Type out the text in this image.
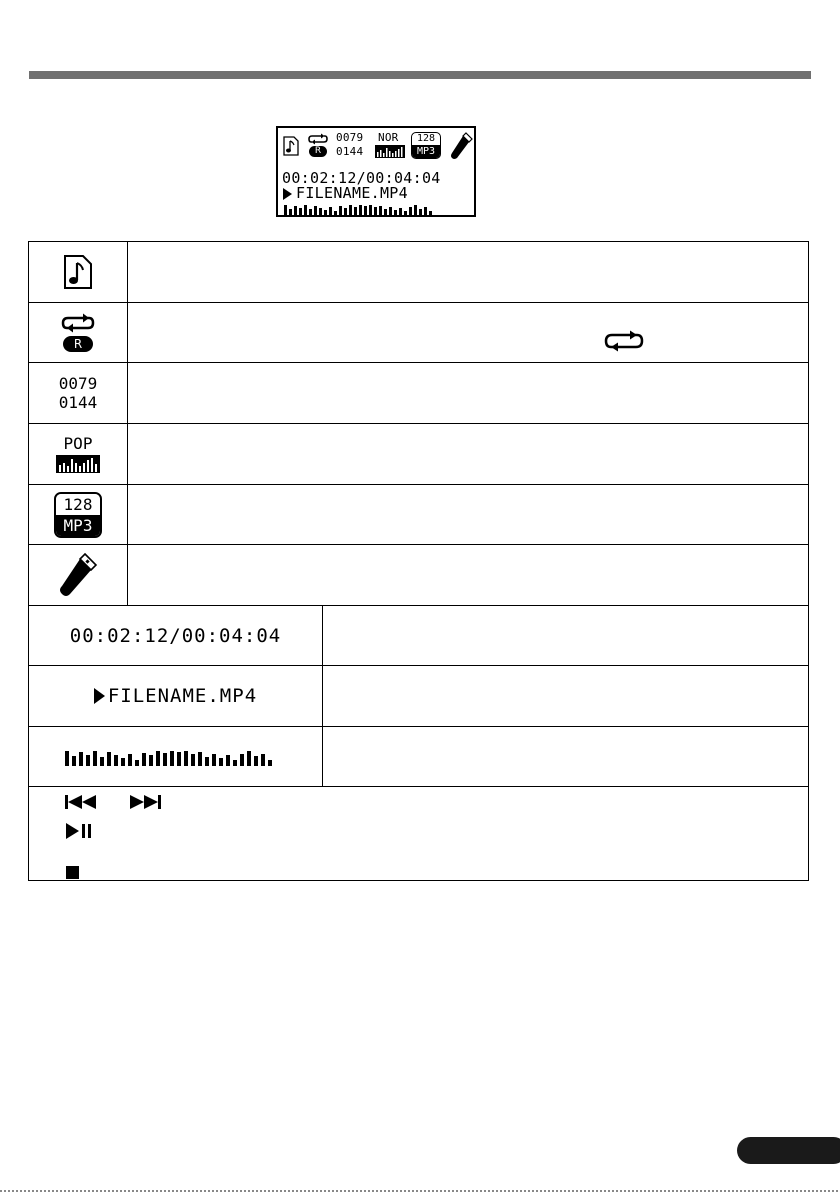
R
0079
0144
NOR	128
MP3
00:02:12/00:04:04
FILENAME.MP4
R
0079
0144
POP
128
MP3
00:02:12/00:04:04
FILENAME.MP4
